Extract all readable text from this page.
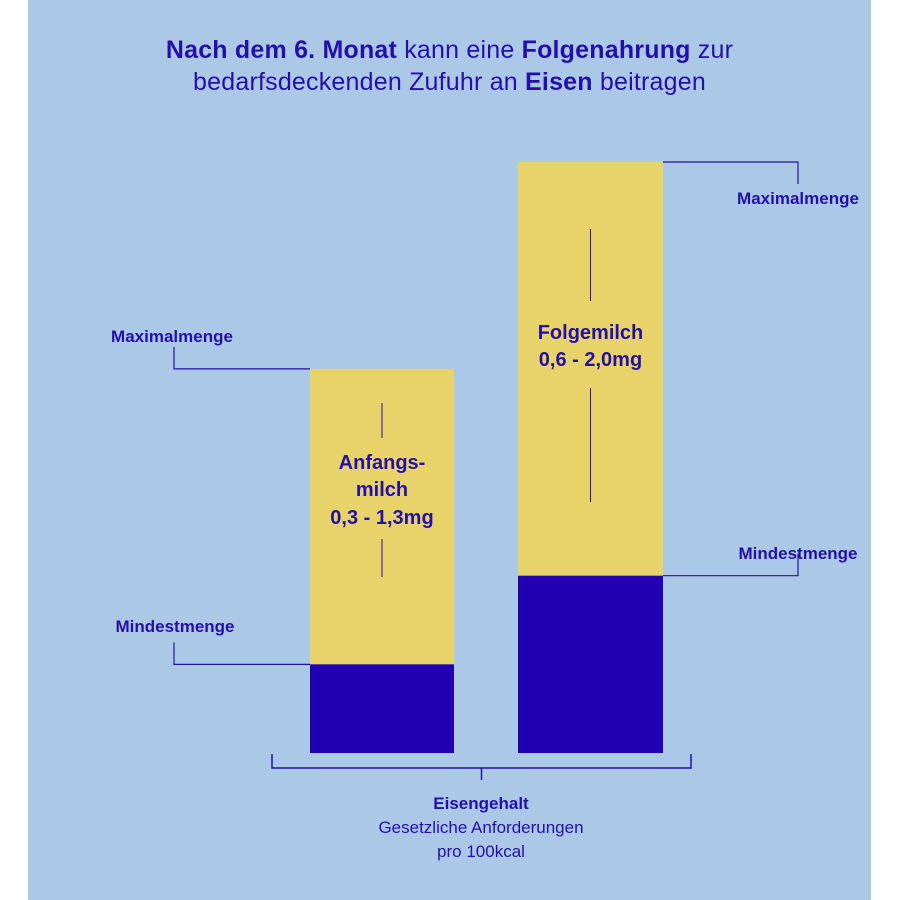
Nach dem 6. Monat kann eine Folgenahrung zur
bedarfsdeckenden Zufuhr an Eisen beitragen
Anfangs-
milch
0,3 - 1,3mg
Maximalmenge
Mindestmenge
Folgemilch
0,6 - 2,0mg
Maximalmenge
Mindestmenge
Eisengehalt
Gesetzliche Anforderungen
pro 100kcal
